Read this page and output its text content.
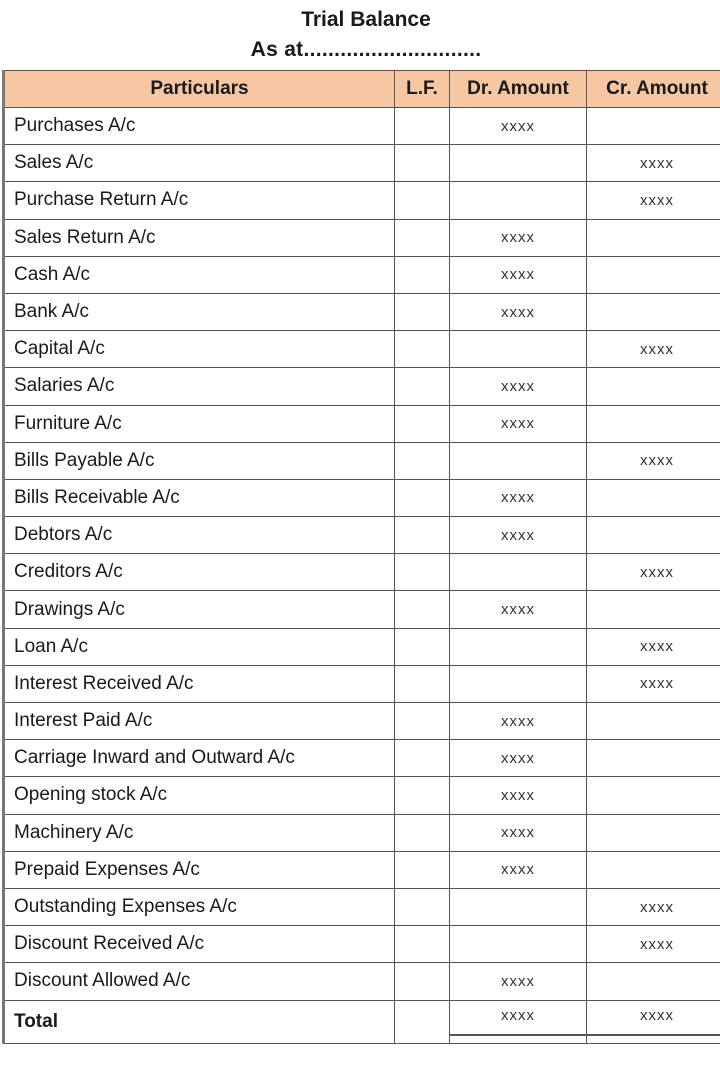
Trial Balance
As at.............................
Particulars	L.F.	Dr. Amount	Cr. Amount
Purchases A/c		xxxx	
Sales A/c			xxxx
Purchase Return A/c			xxxx
Sales Return A/c		xxxx	
Cash A/c		xxxx	
Bank A/c		xxxx	
Capital A/c			xxxx
Salaries A/c		xxxx	
Furniture A/c		xxxx	
Bills Payable A/c			xxxx
Bills Receivable A/c		xxxx	
Debtors A/c		xxxx	
Creditors A/c			xxxx
Drawings A/c		xxxx	
Loan A/c			xxxx
Interest Received A/c			xxxx
Interest Paid A/c		xxxx	
Carriage Inward and Outward A/c		xxxx	
Opening stock A/c		xxxx	
Machinery A/c		xxxx	
Prepaid Expenses A/c		xxxx	
Outstanding Expenses A/c			xxxx
Discount Received A/c			xxxx
Discount Allowed A/c		xxxx	
Total		xxxx	xxxx
